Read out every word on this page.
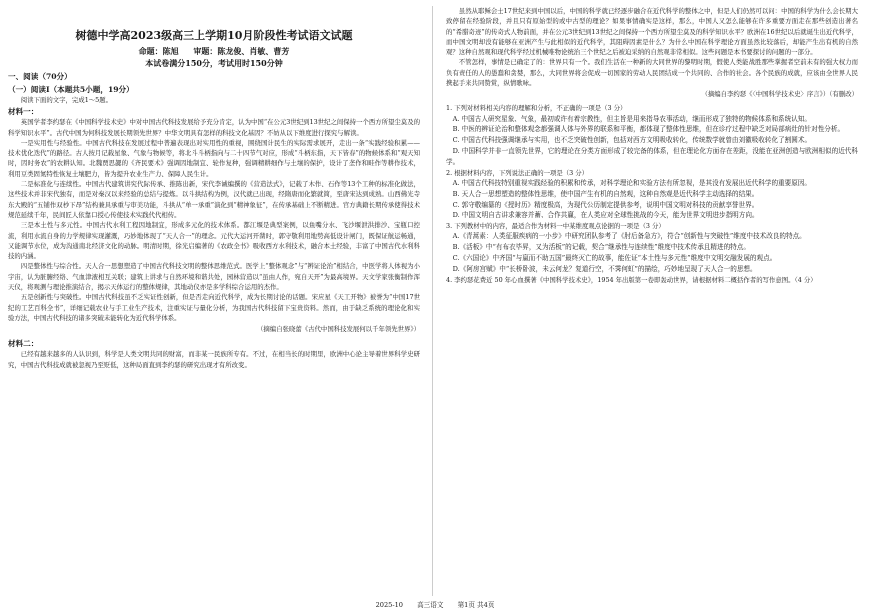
树德中学高2023级高三上学期10月阶段性考试语文试题
命题：陈旭 审题：陈龙俊、肖敏、曹芳
本试卷满分150分，考试用时150分钟
一、阅读（70分）
（一）阅读Ⅰ（本题共5小题，19分）

阅读下面的文字，完成1～5题。

材料一：

英国学者李约瑟在《中国科学技术史》中对中国古代科技发展给予充分肯定，认为中国“在公元3世纪到13世纪之间保持一个西方所望尘莫及的科学知识水平”。古代中国为何科技发展长期领先世界？中华文明具有怎样的科技文化基因？不妨从以下维度进行探究与解读。

一是实用性与经验性。中国古代科技在发展过程中普遍表现出对实用性的重视，围绕国计民生的实际需求展开，走出一条“实践经验积累——技术优化迭代”的路径。古人按月记载星象、气象与物候等，将北斗斗柄指向与二十四节气对应，形成“斗柄东指，天下皆春”的物候体系和“观天知时，因时务农”的农耕认知。北魏贾思勰的《齐民要术》强调因地制宜、轮作复种，强调精耕细作与土壤的保护，设计了垄作和畦作等耕作技术，利用豆类固氮特性恢复土壤肥力，皆为提升农业生产力、保障人民生计。

二是标准化与连续性。中国古代建筑讲究代际传承、推陈出新，宋代李诫编撰的《营造法式》，记载了木作、石作等13个工种的标准化做法，这些技术并非宋代独有，而是对秦汉以来经验的总结与提炼。以斗拱结构为例，汉代就已出现，经隋唐而化繁就简，至唐宋达到成熟。山西佛光寺东大殿的“五铺作双杪下昂”结构兼具承重与审美功能，斗拱从“单一承重”演化到“精神象征”，在传承基础上不断精进。官方典籍长期传承使得技术规范延续千年，民间匠人依靠口授心传使技术实践代代相传。

三是本土性与多元性。中国古代水利工程因地制宜，形成多元化的技术体系。都江堰是典型案例，以鱼嘴分水、飞沙堰泄洪排沙、宝瓶口控流，利用水流自身的力学规律实现灌溉，巧妙地体现了“天人合一”的理念。元代大运河开凿时，郭守敬利用地势高低设计闸门，既保证航运畅通，又能调节水位，成为沟通南北经济文化的动脉。明清时期，徐光启编著的《农政全书》吸收西方水利技术，融合本土经验，丰富了中国古代水利科技的内涵。

四是整体性与综合性。天人合一思想塑造了中国古代科技文明的整体思维范式。医学上“整体观念”与“辨证论治”相结合，中医学将人体视为小宇宙，认为脏腑经络、气血津液相互关联；建筑上讲求与自然环境和谐共处，园林营造以“虽由人作，宛自天开”为最高境界。天文学家张衡制作浑天仪，将观测与理论推演结合，揭示天体运行的整体规律，其地动仪亦是多学科综合运用的杰作。

五是创新性与突破性。中国古代科技虽不乏实证性创新，但是否走向近代科学，成为长期讨论的话题。宋应星《天工开物》被誉为“中国17世纪的工艺百科全书”，详细记载农业与手工业生产技术，注重实证与量化分析，为我国古代科技留下宝贵资料。然而，由于缺乏系统的理论化和实验方法，中国古代科技的诸多突破未能转化为近代科学体系。

（摘编自张晓蕾《古代中国科技发展何以千年领先世界》）
材料二：

已经有越来越多的人认识到，科学是人类文明共同的财富，而非某一民族所专有。不过，在相当长的时期里，欧洲中心论主导着世界科学史研究，中国古代科技成就被忽视乃至贬低，这种局面直到李约瑟的研究出现才有所改变。

虽然从耶稣会士17世纪来到中国以后，中国的科学就已经逐步融合在近代科学的整体之中，但是人们仍然可以问：中国的科学为什么会长期大致停留在经验阶段，并且只有原始型的或中古型的理论？如果事情确实是这样，那么，中国人又怎么能够在许多重要方面走在那些创造出著名的“希腊奇迹”的传奇式人物前面，并在公元3世纪到13世纪之间保持一个西方所望尘莫及的科学知识水平？欧洲在16世纪以后就诞生出近代科学，而中国文明却没有能够在亚洲产生与此相似的近代科学，其阻碍因素是什么？为什么中国在科学理论方面虽然比较落后，却能产生出有机的自然观？这种自然观和现代科学经过机械唯物论统治三个世纪之后被迫采纳的自然观非常相似。这些问题是本书要探讨的问题的一部分。

不管怎样，事情是已确定了的：世界只有一个。我们生活在一种新的大同世界的黎明时期，假使人类能战胜那些掌握者空前未有的强大权力而负有责任的人的愚蠢和贪婪，那么，大同世界将会促成一切国家的劳动人民团结成一个共同的、合作的社会。各个民族的成就，应该由全世界人民携起手来共同赞赏，纵情歌咏。

（摘编自李约瑟《〈中国科学技术史〉序言》）（有删改）
1. 下列对材料相关内容的理解和分析，不正确的一项是（3 分）
A. 中国古人研究星象、气象，最初或许有着宗教性，但主旨是用来指导农事活动，继而形成了独特的物候体系和系统认知。
B. 中医的辨证论治和整体观念都强调人体与外界的联系和平衡，都体现了整体性思维，但在诊疗过程中缺乏对局部病灶的针对性分析。
C. 中国古代科技强调继承与实用，也不乏突破性创新，包括对西方文明吸收转化，传统数学就曾由刘徽吸收转化了割圆术。
D. 中国科学并非一直领先世界，它的理论在分类方面形成了较完备的体系，但在理论化方面存在差距，没能在亚洲创造与欧洲相似的近代科学。
2. 根据材料内容，下列说法正确的一项是（3 分）
A. 中国古代科技特别重视实践经验的积累和传承，对科学理论和实验方法有所忽视，是其没有发展出近代科学的重要原因。
B. 天人合一思想塑造的整体性思维，使中国产生有机的自然观，这种自然观是近代科学主动选择的结果。
C. 郭守敬编纂的《授时历》精度极高，为现代公历制定提供参考，说明中国文明对科技的贡献享誉世界。
D. 中国文明自古讲求兼容并蓄、合作共赢，在人类应对全球性挑战的今天，能为世界文明进步指明方向。
3. 下列教材中的内容，最适合作为材料一中某维度观点论据的一项是（3 分）
A.《青蒿素：人类征服疾病的一小步》中研究团队参考了《肘后备急方》，符合“创新性与突破性”维度中技术改良的特点。
B.《活板》中“有布衣毕昇，又为活板”的记载，契合“继承性与连续性”维度中技术传承且精进的特点。
C.《六国论》中齐国“与嬴而不助五国”最终灭亡的故事，能佐证“本土性与多元性”维度中文明交融发展的观点。
D.《阿房宫赋》中“长桥卧波，未云何龙？复道行空，不霁何虹”的描绘，巧妙地呈现了天人合一的思想。
4. 李约瑟花费近 50 年心血撰著《中国科学技术史》，1954 年出版第一卷即轰动世界，请根据材料二概括作者的写作意图。（4 分）
2025-10 高三语文 第1页 共4页
